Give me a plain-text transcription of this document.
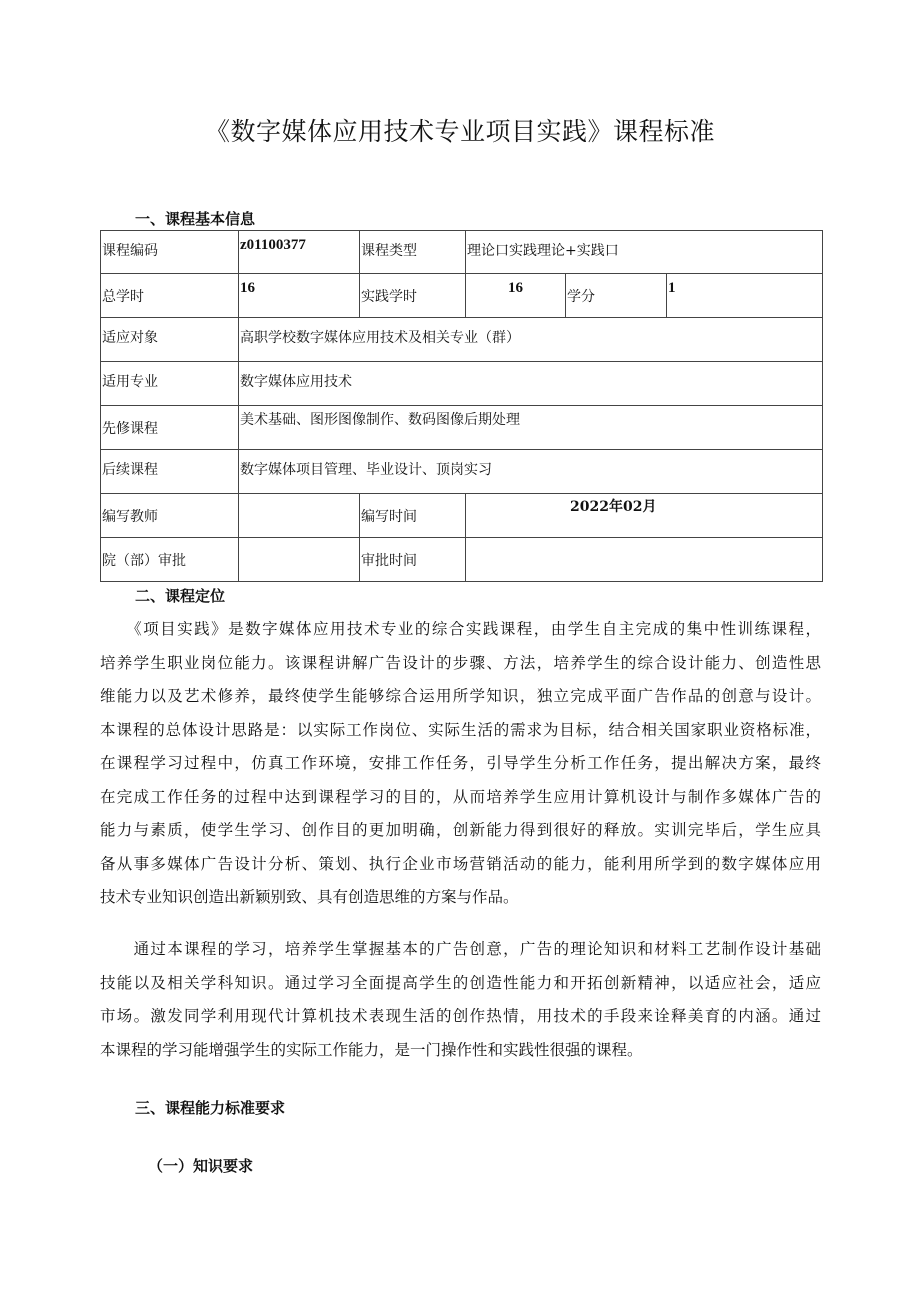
《数字媒体应用技术专业项目实践》课程标准
一、课程基本信息
课程编码	z01100377	课程类型	理论口实践理论+实践口		
总学时	16	实践学时	16	学分	1
适应对象	高职学校数字媒体应用技术及相关专业（群）				
适用专业	数字媒体应用技术				
先修课程	美术基础、图形图像制作、数码图像后期处理				
后续课程	数字媒体项目管理、毕业设计、顶岗实习				
编写教师		编写时间	2022年02月		
院（部）审批		审批时间			
二、课程定位
　　《项目实践》是数字媒体应用技术专业的综合实践课程，由学生自主完成的集中性训练课程，
培养学生职业岗位能力。该课程讲解广告设计的步骤、方法，培养学生的综合设计能力、创造性思
维能力以及艺术修养，最终使学生能够综合运用所学知识，独立完成平面广告作品的创意与设计。
本课程的总体设计思路是：以实际工作岗位、实际生活的需求为目标，结合相关国家职业资格标准，
在课程学习过程中，仿真工作环境，安排工作任务，引导学生分析工作任务，提出解决方案，最终
在完成工作任务的过程中达到课程学习的目的，从而培养学生应用计算机设计与制作多媒体广告的
能力与素质，使学生学习、创作目的更加明确，创新能力得到很好的释放。实训完毕后，学生应具
备从事多媒体广告设计分析、策划、执行企业市场营销活动的能力，能利用所学到的数字媒体应用
技术专业知识创造出新颖别致、具有创造思维的方案与作品。
　　通过本课程的学习，培养学生掌握基本的广告创意，广告的理论知识和材料工艺制作设计基础
技能以及相关学科知识。通过学习全面提高学生的创造性能力和开拓创新精神，以适应社会，适应
市场。激发同学利用现代计算机技术表现生活的创作热情，用技术的手段来诠释美育的内涵。通过
本课程的学习能增强学生的实际工作能力，是一门操作性和实践性很强的课程。
三、课程能力标准要求
（一）知识要求
